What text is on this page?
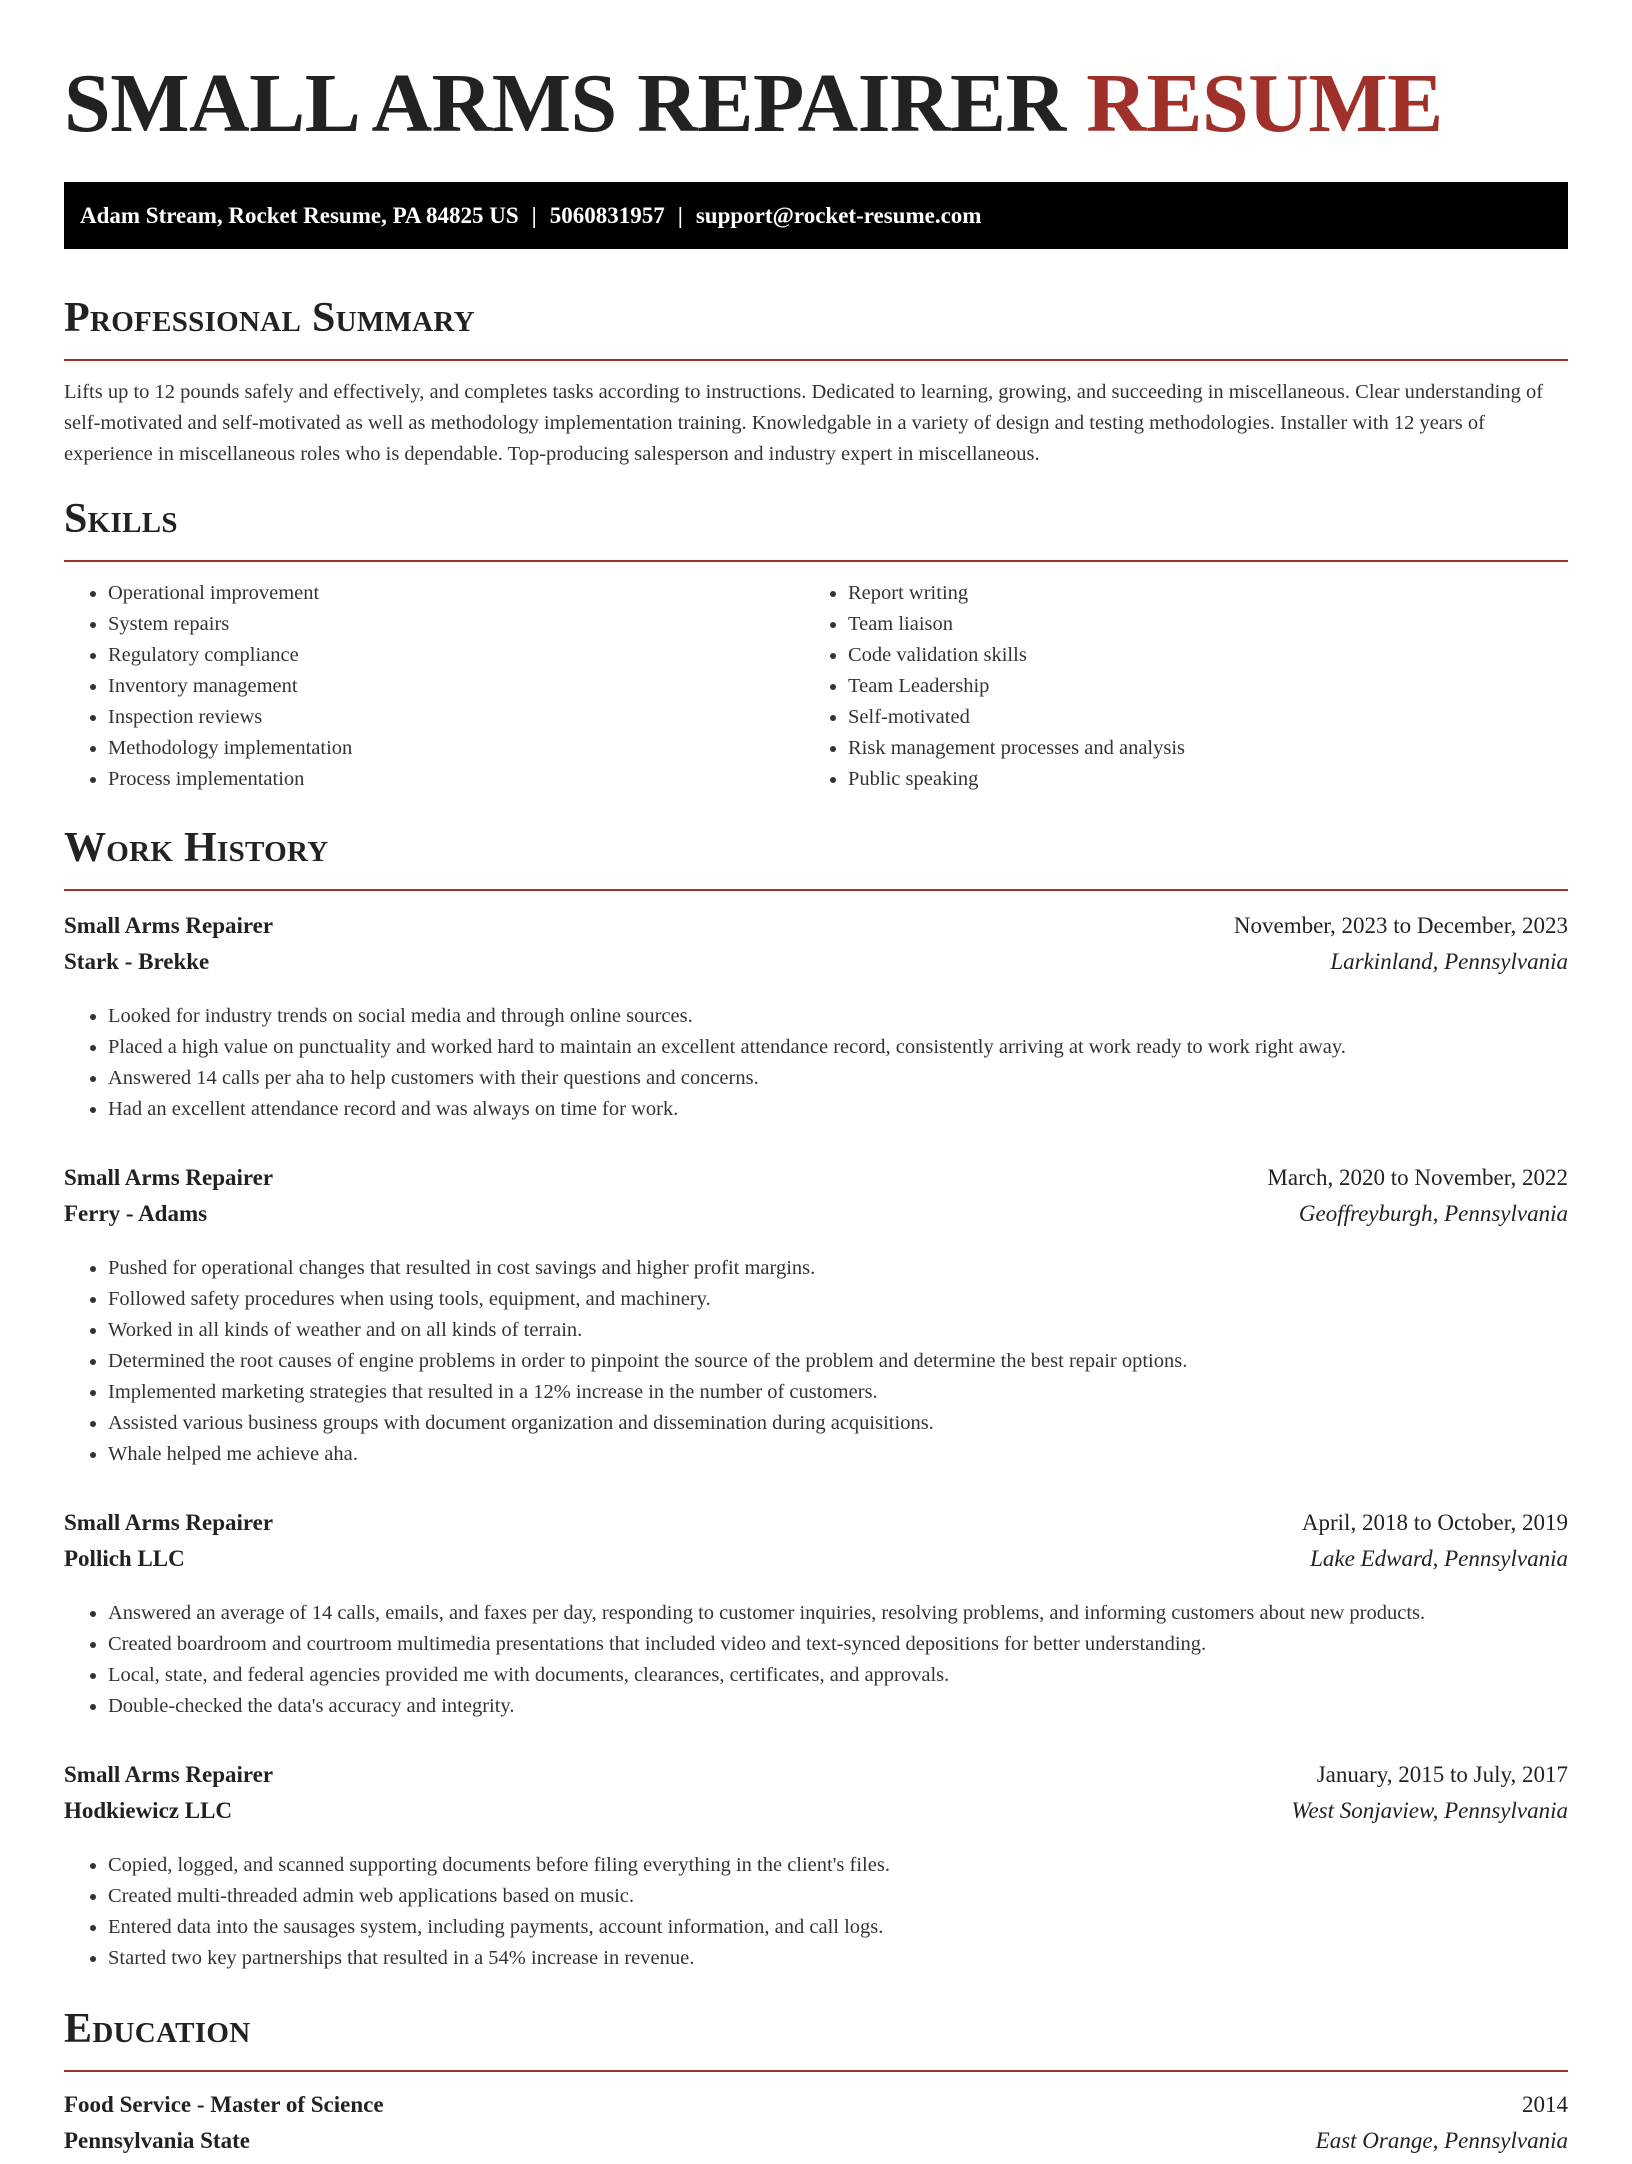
SMALL ARMS REPAIRER RESUME
Adam Stream, Rocket Resume, PA 84825 US | 5060831957 | support@rocket-resume.com
Professional Summary

Lifts up to 12 pounds safely and effectively, and completes tasks according to instructions. Dedicated to learning, growing, and succeeding in miscellaneous. Clear understanding of self-motivated and self-motivated as well as methodology implementation training. Knowledgable in a variety of design and testing methodologies. Installer with 12 years of experience in miscellaneous roles who is dependable. Top-producing salesperson and industry expert in miscellaneous.

Skills
• Operational improvement
• System repairs
• Regulatory compliance
• Inventory management
• Inspection reviews
• Methodology implementation
• Process implementation
• Report writing
• Team liaison
• Code validation skills
• Team Leadership
• Self-motivated
• Risk management processes and analysis
• Public speaking
Work History
Small Arms Repairer	November, 2023 to December, 2023
Stark - Brekke	Larkinland, Pennsylvania
• Looked for industry trends on social media and through online sources.
• Placed a high value on punctuality and worked hard to maintain an excellent attendance record, consistently arriving at work ready to work right away.
• Answered 14 calls per aha to help customers with their questions and concerns.
• Had an excellent attendance record and was always on time for work.
Small Arms Repairer	March, 2020 to November, 2022
Ferry - Adams	Geoffreyburgh, Pennsylvania
• Pushed for operational changes that resulted in cost savings and higher profit margins.
• Followed safety procedures when using tools, equipment, and machinery.
• Worked in all kinds of weather and on all kinds of terrain.
• Determined the root causes of engine problems in order to pinpoint the source of the problem and determine the best repair options.
• Implemented marketing strategies that resulted in a 12% increase in the number of customers.
• Assisted various business groups with document organization and dissemination during acquisitions.
• Whale helped me achieve aha.
Small Arms Repairer	April, 2018 to October, 2019
Pollich LLC	Lake Edward, Pennsylvania
• Answered an average of 14 calls, emails, and faxes per day, responding to customer inquiries, resolving problems, and informing customers about new products.
• Created boardroom and courtroom multimedia presentations that included video and text-synced depositions for better understanding.
• Local, state, and federal agencies provided me with documents, clearances, certificates, and approvals.
• Double-checked the data's accuracy and integrity.
Small Arms Repairer	January, 2015 to July, 2017
Hodkiewicz LLC	West Sonjaview, Pennsylvania
• Copied, logged, and scanned supporting documents before filing everything in the client's files.
• Created multi-threaded admin web applications based on music.
• Entered data into the sausages system, including payments, account information, and call logs.
• Started two key partnerships that resulted in a 54% increase in revenue.
Education
Food Service - Master of Science	2014
Pennsylvania State	East Orange, Pennsylvania
